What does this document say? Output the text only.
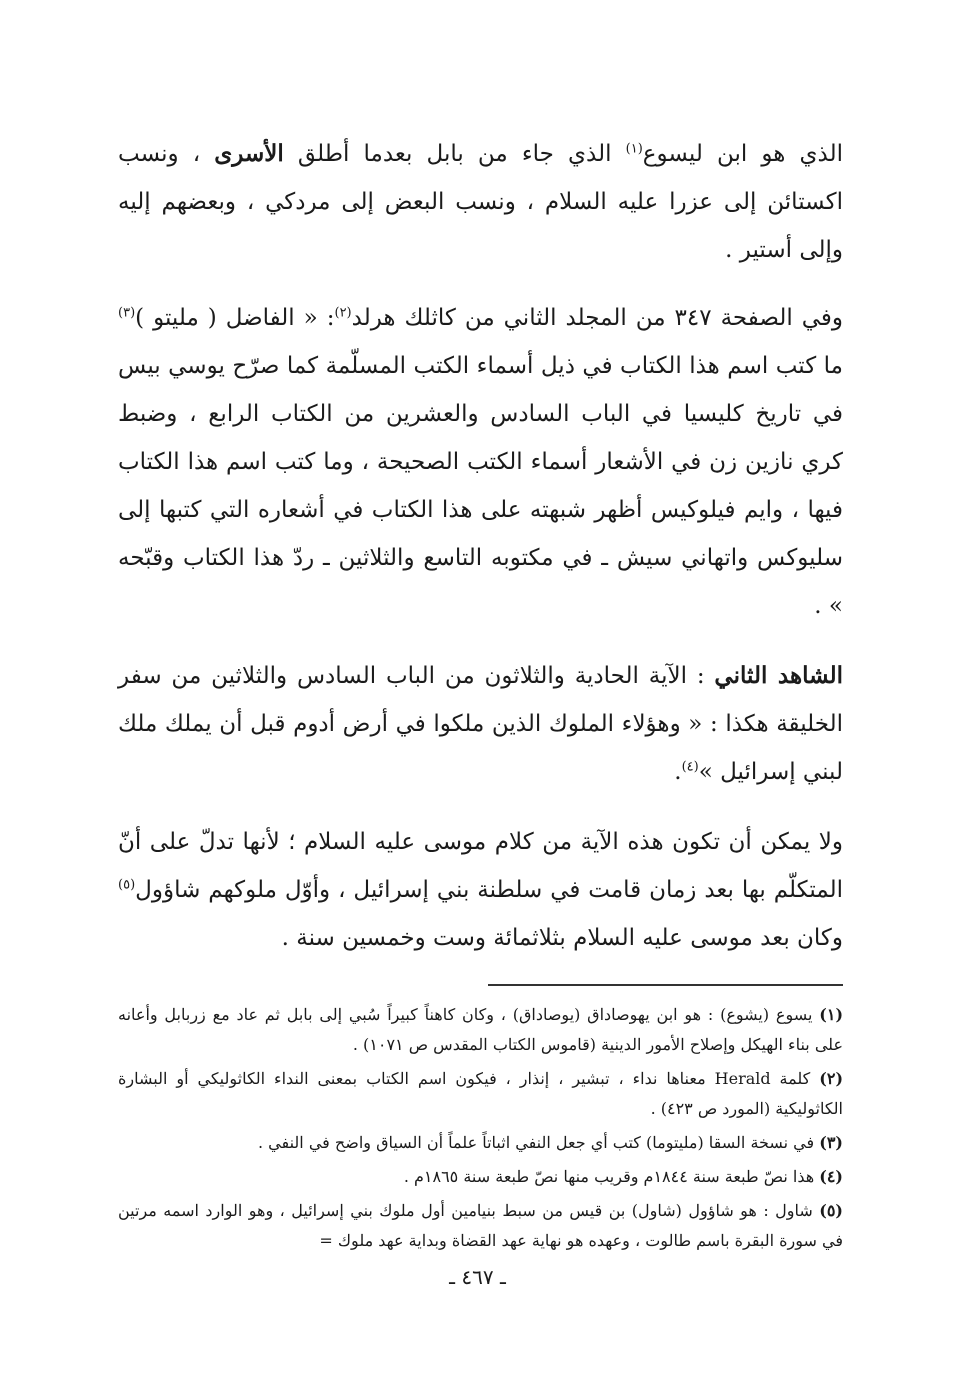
الذي هو ابن ليسوع$^{(١)}$ الذي جاء من بابل بعدما أطلق الأسرى ، ونسب اكستائن إلى عزرا عليه السلام ، ونسب البعض إلى مردكي ، وبعضهم إليه وإلى أستير .

وفي الصفحة ٣٤٧ من المجلد الثاني من كاثلك هرلد$^{(٢)}$: « الفاضل ( مليتو )$^{(٣)}$ ما كتب اسم هذا الكتاب في ذيل أسماء الكتب المسلّمة كما صرّح يوسي بيس في تاريخ كليسيا في الباب السادس والعشرين من الكتاب الرابع ، وضبط كري نازين زن في الأشعار أسماء الكتب الصحيحة ، وما كتب اسم هذا الكتاب فيها ، وايم فيلوكيس أظهر شبهته على هذا الكتاب في أشعاره التي كتبها إلى سليوكس واتهاني سيش ـ في مكتوبه التاسع والثلاثين ـ ردّ هذا الكتاب وقبّحه » .

الشاهد الثاني : الآية الحادية والثلاثون من الباب السادس والثلاثين من سفر الخليقة هكذا : « وهؤلاء الملوك الذين ملكوا في أرض أدوم قبل أن يملك ملك لبني إسرائيل »$^{(٤)}$.

ولا يمكن أن تكون هذه الآية من كلام موسى عليه السلام ؛ لأنها تدلّ على أنّ المتكلّم بها بعد زمان قامت في سلطنة بني إسرائيل ، وأوّل ملوكهم شاؤول$^{(٥)}$ وكان بعد موسى عليه السلام بثلاثمائة وست وخمسين سنة .

(١) يسوع (يشوع) : هو ابن يهوصاداق (يوصاداق) ، وكان كاهناً كبيراً سُبي إلى بابل ثم عاد مع زربابل وأعانه على بناء الهيكل وإصلاح الأمور الدينية (قاموس الكتاب المقدس ص ١٠٧١) .

(٢) كلمة Herald معناها نداء ، تبشير ، إنذار ، فيكون اسم الكتاب بمعنى النداء الكاثوليكي أو البشارة الكاثوليكية (المورد ص ٤٢٣) .

(٣) في نسخة السقا (مليتوما) كتب أي جعل النفي اثباتاً علماً أن السياق واضح في النفي .

(٤) هذا نصّ طبعة سنة ١٨٤٤م وقريب منها نصّ طبعة سنة ١٨٦٥م .

(٥) شاول : هو شاؤول (شاول) بن قيس من سبط بنيامين أول ملوك بني إسرائيل ، وهو الوارد اسمه مرتين في سورة البقرة باسم طالوت ، وعهده هو نهاية عهد القضاة وبداية عهد ملوك =

ـ ٤٦٧ ـ
